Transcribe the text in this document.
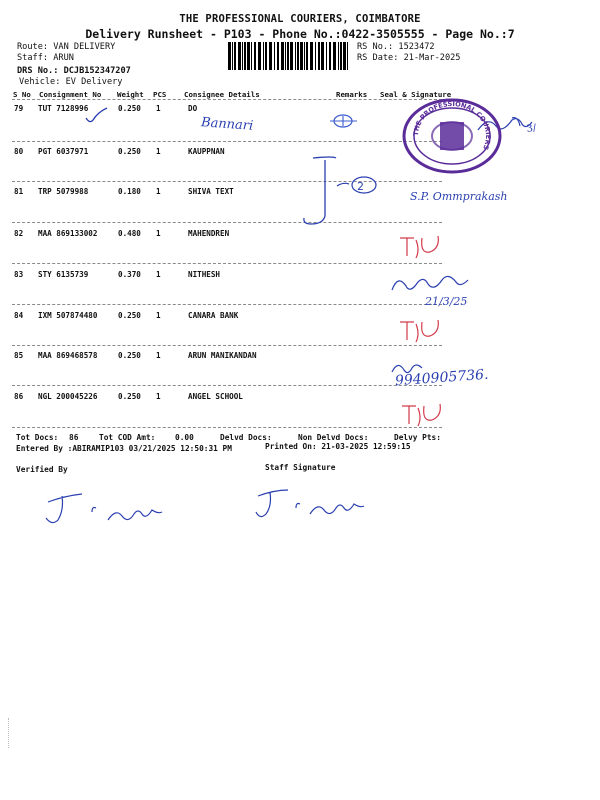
THE PROFESSIONAL COURIERS, COIMBATORE
Delivery Runsheet - P103 - Phone No.:0422-3505555 - Page No.:7
Route: VAN DELIVERY
Staff: ARUN
DRS No.: DCJB152347207
Vehicle: EV Delivery
RS No.: 1523472
RS Date: 21-Mar-2025
S No Consignment No Weight PCS Consignee Details	Remarks Seal & Signature
79 TUT 7128996	0.250 1	DO
80 PGT 6037971	0.250 1	KAUPPNAN
81 TRP 5079988	0.180 1	SHIVA TEXT
82 MAA 869133002	0.480 1	MAHENDREN
83 STY 6135739	0.370 1	NITHESH
84 IXM 507874480	0.250 1	CANARA BANK
85 MAA 869468578	0.250 1	ARUN MANIKANDAN
86 NGL 200045226	0.250 1	ANGEL SCHOOL
2
3/
Bannari
S.P. Ommprakash
21/3/25
9940905736.
THE PROFESSIONAL COURIERS
Tot Docs: 86	Tot COD Amt:	0.00	Delvd Docs:	Non Delvd Docs:	Delvy Pts:
Entered By :ABIRAMIP103 03/21/2025 12:50:31 PM	Printed On: 21-03-2025 12:59:15
Verified By	Staff Signature
